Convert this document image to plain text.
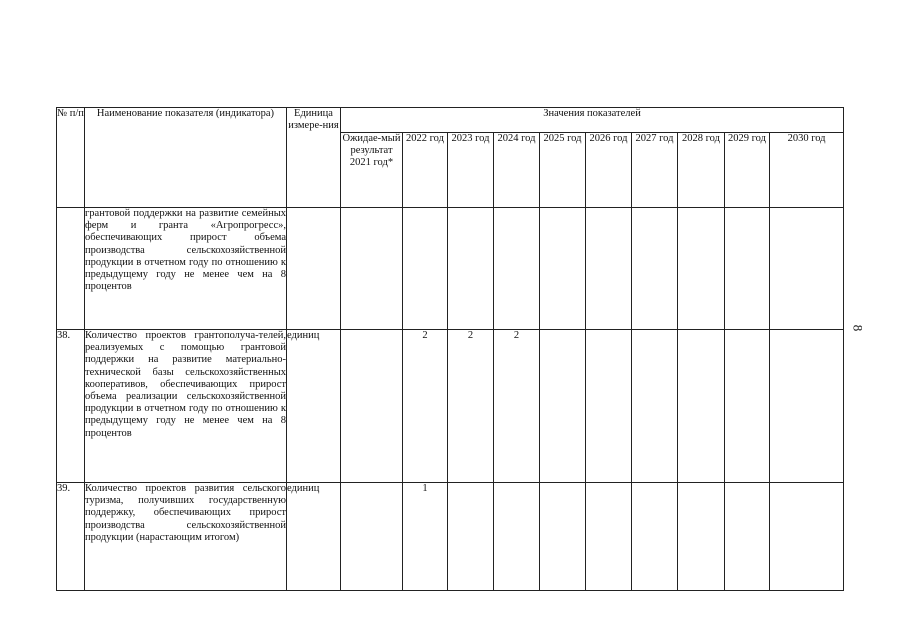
№ п/п	Наименование показателя (индикатора)	Единица измере-ния	Значения показателей									
			Ожидае-мый результат 2021 год*	2022 год	2023 год	2024 год	2025 год	2026 год	2027 год	2028 год	2029 год	2030 год
	грантовой поддержки на развитие семейных ферм и гранта «Агропрогресс», обеспечивающих прирост объема производства сельскохозяйственной продукции в отчетном году по отношению к предыдущему году не менее чем на 8 процентов											
38.	Количество проектов грантополуча-телей, реализуемых с помощью грантовой поддержки на развитие материально-технической базы сельскохозяйственных кооперативов, обеспечивающих прирост объема реализации сельскохозяйственной продукции в отчетном году по отношению к предыдущему году не менее чем на 8 процентов	единиц		2	2	2						
39.	Количество проектов развития сельского туризма, получивших государственную поддержку, обеспечивающих прирост производства сельскохозяйственной продукции (нарастающим итогом)	единиц		1								
8
